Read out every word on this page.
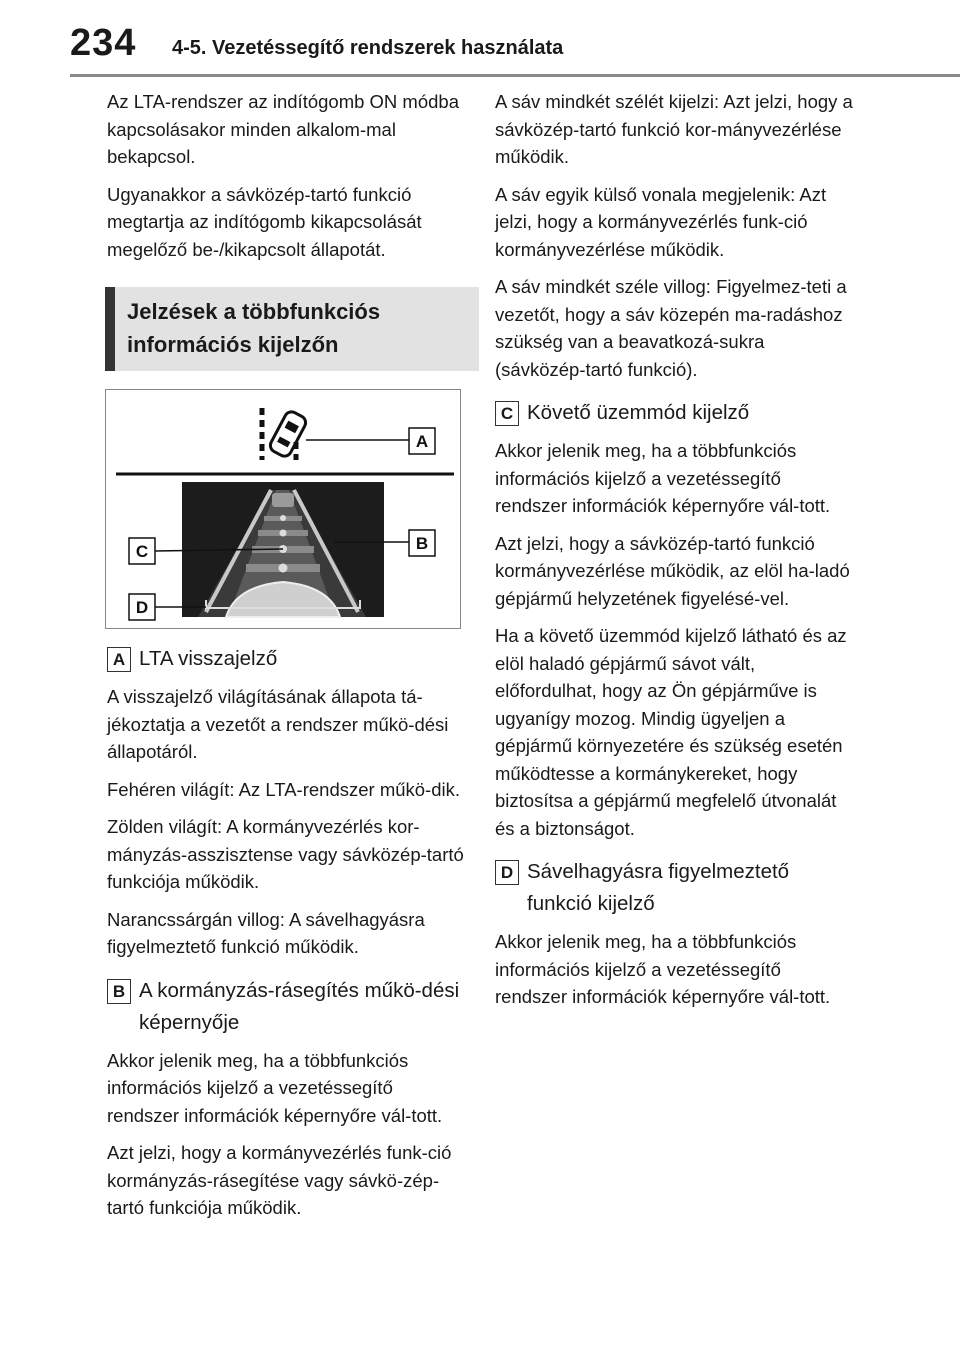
234 4-5. Vezetéssegítő rendszerek használata

Az LTA-rendszer az indítógomb ON módba kapcsolásakor minden alkalom-mal bekapcsol.

Ugyanakkor a sávközép-tartó funkció megtartja az indítógomb kikapcsolását megelőző be-/kikapcsolt állapotát.

Jelzések a többfunkciós információs kijelzőn
A
B
C
D
A LTA visszajelző

A visszajelző világításának állapota tá-jékoztatja a vezetőt a rendszer műkö-dési állapotáról.

Fehéren világít: Az LTA-rendszer műkö-dik.

Zölden világít: A kormányvezérlés kor-mányzás-asszisztense vagy sávközép-tartó funkciója működik.

Narancssárgán villog: A sávelhagyásra figyelmeztető funkció működik.

B A kormányzás-rásegítés műkö-dési képernyője

Akkor jelenik meg, ha a többfunkciós információs kijelző a vezetéssegítő rendszer információk képernyőre vál-tott.

Azt jelzi, hogy a kormányvezérlés funk-ció kormányzás-rásegítése vagy sávkö-zép-tartó funkciója működik.

A sáv mindkét szélét kijelzi: Azt jelzi, hogy a sávközép-tartó funkció kor-mányvezérlése működik.

A sáv egyik külső vonala megjelenik: Azt jelzi, hogy a kormányvezérlés funk-ció kormányvezérlése működik.

A sáv mindkét széle villog: Figyelmez-teti a vezetőt, hogy a sáv közepén ma-radáshoz szükség van a beavatkozá-sukra (sávközép-tartó funkció).

C Követő üzemmód kijelző

Akkor jelenik meg, ha a többfunkciós információs kijelző a vezetéssegítő rendszer információk képernyőre vál-tott.

Azt jelzi, hogy a sávközép-tartó funkció kormányvezérlése működik, az elöl ha-ladó gépjármű helyzetének figyelésé-vel.

Ha a követő üzemmód kijelző látható és az elöl haladó gépjármű sávot vált, előfordulhat, hogy az Ön gépjárműve is ugyanígy mozog. Mindig ügyeljen a gépjármű környezetére és szükség esetén működtesse a kormánykereket, hogy biztosítsa a gépjármű megfelelő útvonalát és a biztonságot.

D Sávelhagyásra figyelmeztető funkció kijelző

Akkor jelenik meg, ha a többfunkciós információs kijelző a vezetéssegítő rendszer információk képernyőre vál-tott.
